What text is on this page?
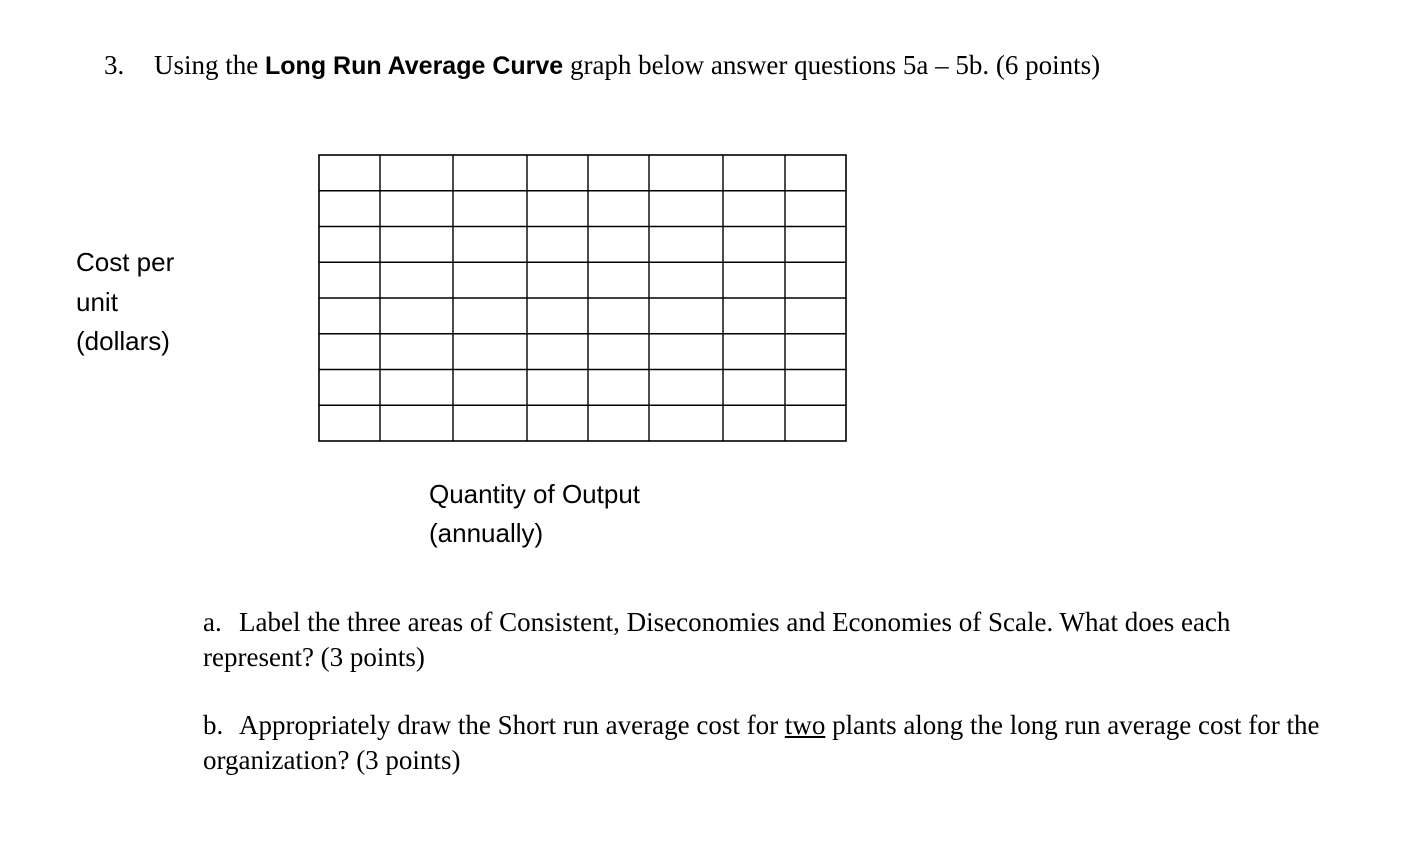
3. Using the Long Run Average Curve graph below answer questions 5a – 5b. (6 points)
Cost per
unit
(dollars)
Quantity of Output
(annually)
a. Label the three areas of Consistent, Diseconomies and Economies of Scale. What does each represent? (3 points)
b. Appropriately draw the Short run average cost for two plants along the long run average cost for the organization? (3 points)
